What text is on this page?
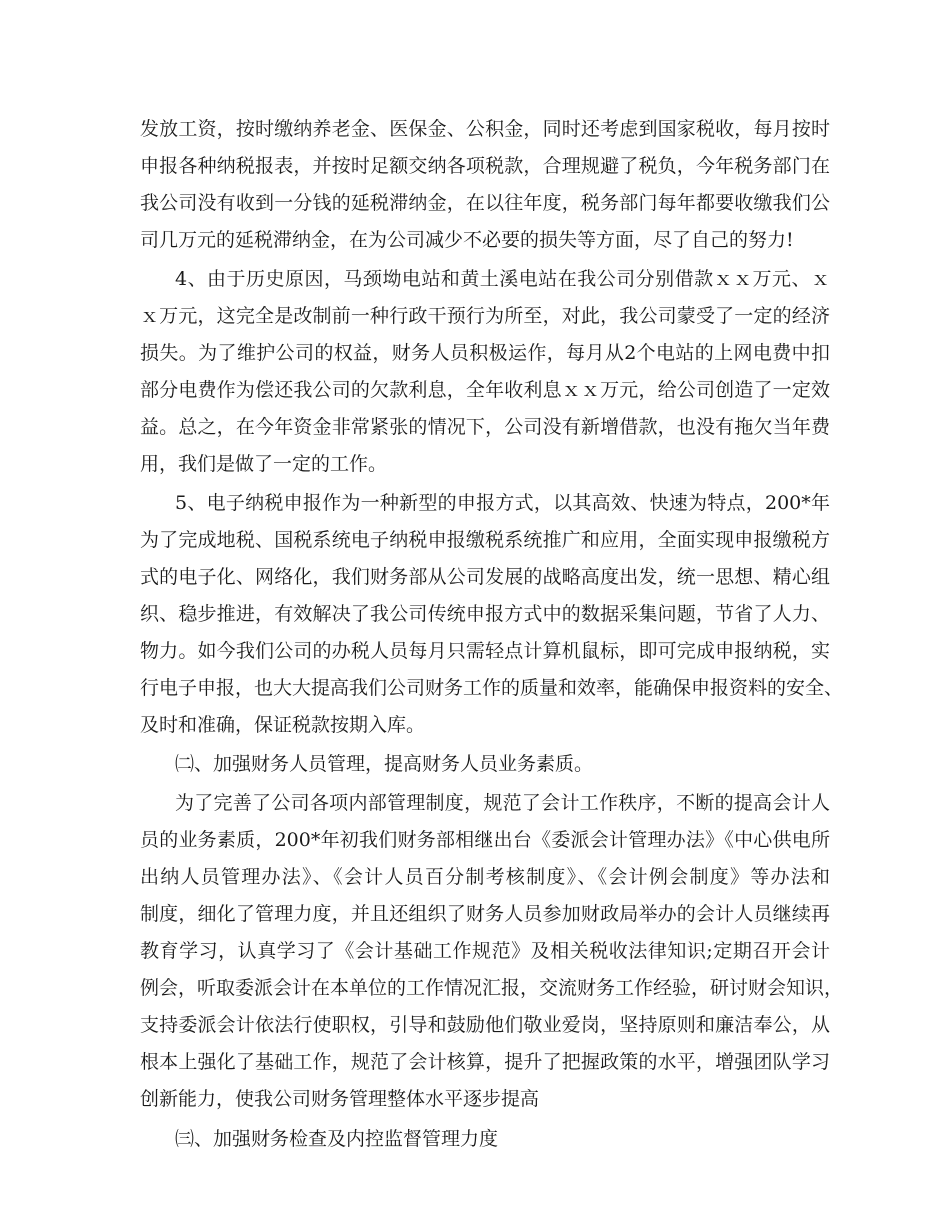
发放工资，按时缴纳养老金、医保金、公积金，同时还考虑到国家税收，每月按时
申报各种纳税报表，并按时足额交纳各项税款，合理规避了税负，今年税务部门在
我公司没有收到一分钱的延税滞纳金，在以往年度，税务部门每年都要收缴我们公
司几万元的延税滞纳金，在为公司减少不必要的损失等方面，尽了自己的努力!
4、由于历史原因，马颈坳电站和黄土溪电站在我公司分别借款ｘｘ万元、ｘ
ｘ万元，这完全是改制前一种行政干预行为所至，对此，我公司蒙受了一定的经济
损失。为了维护公司的权益，财务人员积极运作，每月从2个电站的上网电费中扣
部分电费作为偿还我公司的欠款利息，全年收利息ｘｘ万元，给公司创造了一定效
益。总之，在今年资金非常紧张的情况下，公司没有新增借款，也没有拖欠当年费
用，我们是做了一定的工作。
5、电子纳税申报作为一种新型的申报方式，以其高效、快速为特点，200*年
为了完成地税、国税系统电子纳税申报缴税系统推广和应用，全面实现申报缴税方
式的电子化、网络化，我们财务部从公司发展的战略高度出发，统一思想、精心组
织、稳步推进，有效解决了我公司传统申报方式中的数据采集问题，节省了人力、
物力。如今我们公司的办税人员每月只需轻点计算机鼠标，即可完成申报纳税，实
行电子申报，也大大提高我们公司财务工作的质量和效率，能确保申报资料的安全、
及时和准确，保证税款按期入库。
㈡、加强财务人员管理，提高财务人员业务素质。
为了完善了公司各项内部管理制度，规范了会计工作秩序，不断的提高会计人
员的业务素质，200*年初我们财务部相继出台《委派会计管理办法》《中心供电所
出纳人员管理办法》、《会计人员百分制考核制度》、《会计例会制度》等办法和
制度，细化了管理力度，并且还组织了财务人员参加财政局举办的会计人员继续再
教育学习，认真学习了《会计基础工作规范》及相关税收法律知识;定期召开会计
例会，听取委派会计在本单位的工作情况汇报，交流财务工作经验，研讨财会知识，
支持委派会计依法行使职权，引导和鼓励他们敬业爱岗，坚持原则和廉洁奉公，从
根本上强化了基础工作，规范了会计核算，提升了把握政策的水平，增强团队学习
创新能力，使我公司财务管理整体水平逐步提高
㈢、加强财务检查及内控监督管理力度
